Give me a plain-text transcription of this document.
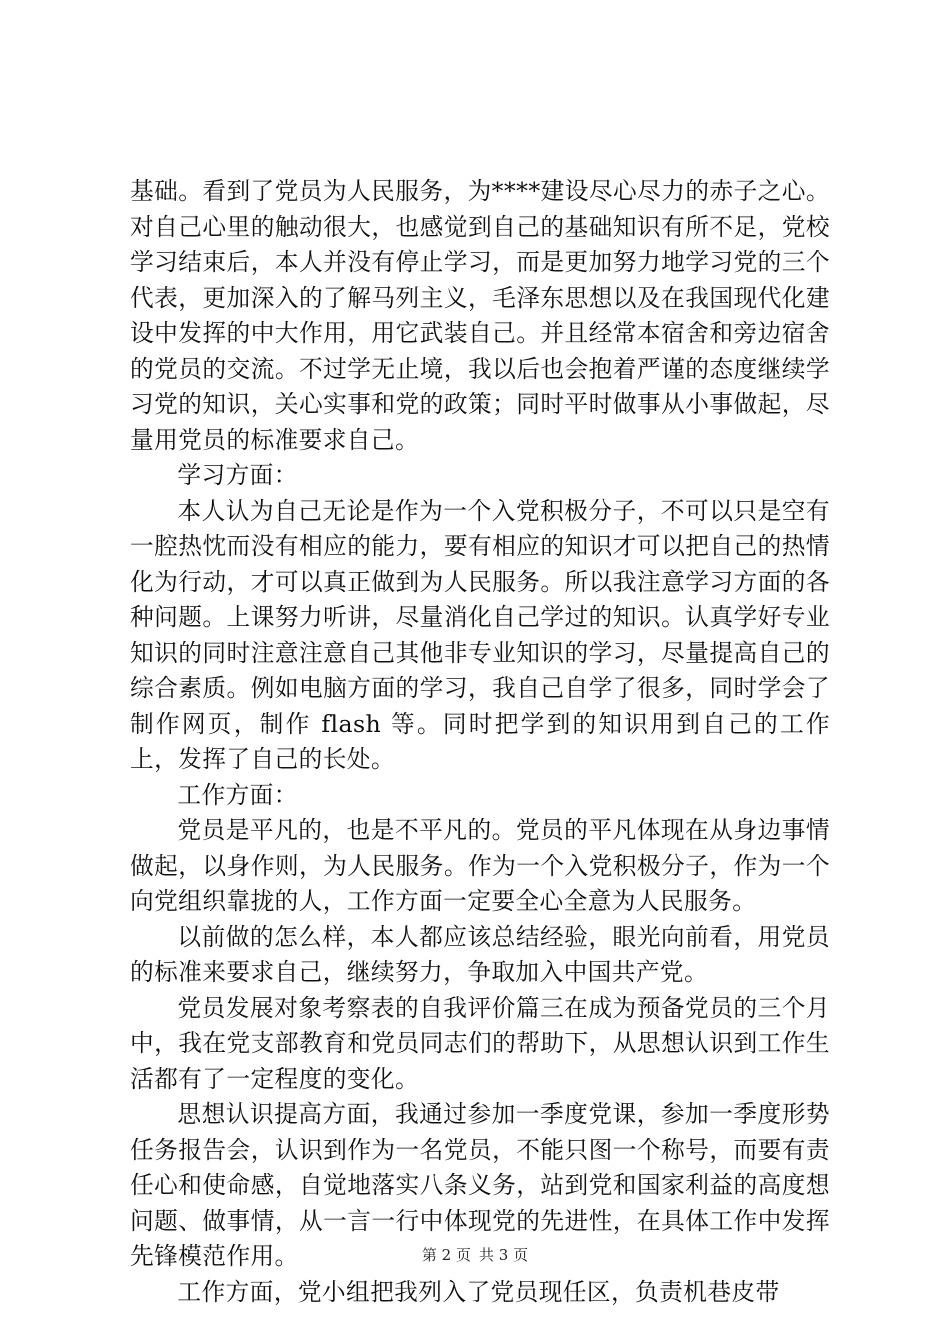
基础。看到了党员为人民服务，为****建设尽心尽力的赤子之心。对自己心里的触动很大，也感觉到自己的基础知识有所不足，党校学习结束后，本人并没有停止学习，而是更加努力地学习党的三个代表，更加深入的了解马列主义，毛泽东思想以及在我国现代化建设中发挥的中大作用，用它武装自己。并且经常本宿舍和旁边宿舍的党员的交流。不过学无止境，我以后也会抱着严谨的态度继续学习党的知识，关心实事和党的政策；同时平时做事从小事做起，尽量用党员的标准要求自己。

学习方面：

本人认为自己无论是作为一个入党积极分子，不可以只是空有一腔热忱而没有相应的能力，要有相应的知识才可以把自己的热情化为行动，才可以真正做到为人民服务。所以我注意学习方面的各种问题。上课努力听讲，尽量消化自己学过的知识。认真学好专业知识的同时注意注意自己其他非专业知识的学习，尽量提高自己的综合素质。例如电脑方面的学习，我自己自学了很多，同时学会了制作网页，制作 flash 等。同时把学到的知识用到自己的工作上，发挥了自己的长处。

工作方面：

党员是平凡的，也是不平凡的。党员的平凡体现在从身边事情做起，以身作则，为人民服务。作为一个入党积极分子，作为一个向党组织靠拢的人，工作方面一定要全心全意为人民服务。

以前做的怎么样，本人都应该总结经验，眼光向前看，用党员的标准来要求自己，继续努力，争取加入中国共产党。

党员发展对象考察表的自我评价篇三在成为预备党员的三个月中，我在党支部教育和党员同志们的帮助下，从思想认识到工作生活都有了一定程度的变化。

思想认识提高方面，我通过参加一季度党课，参加一季度形势任务报告会，认识到作为一名党员，不能只图一个称号，而要有责任心和使命感，自觉地落实八条义务，站到党和国家利益的高度想问题、做事情，从一言一行中体现党的先进性，在具体工作中发挥先锋模范作用。

工作方面，党小组把我列入了党员现任区，负责机巷皮带

第 2 页 共 3 页
